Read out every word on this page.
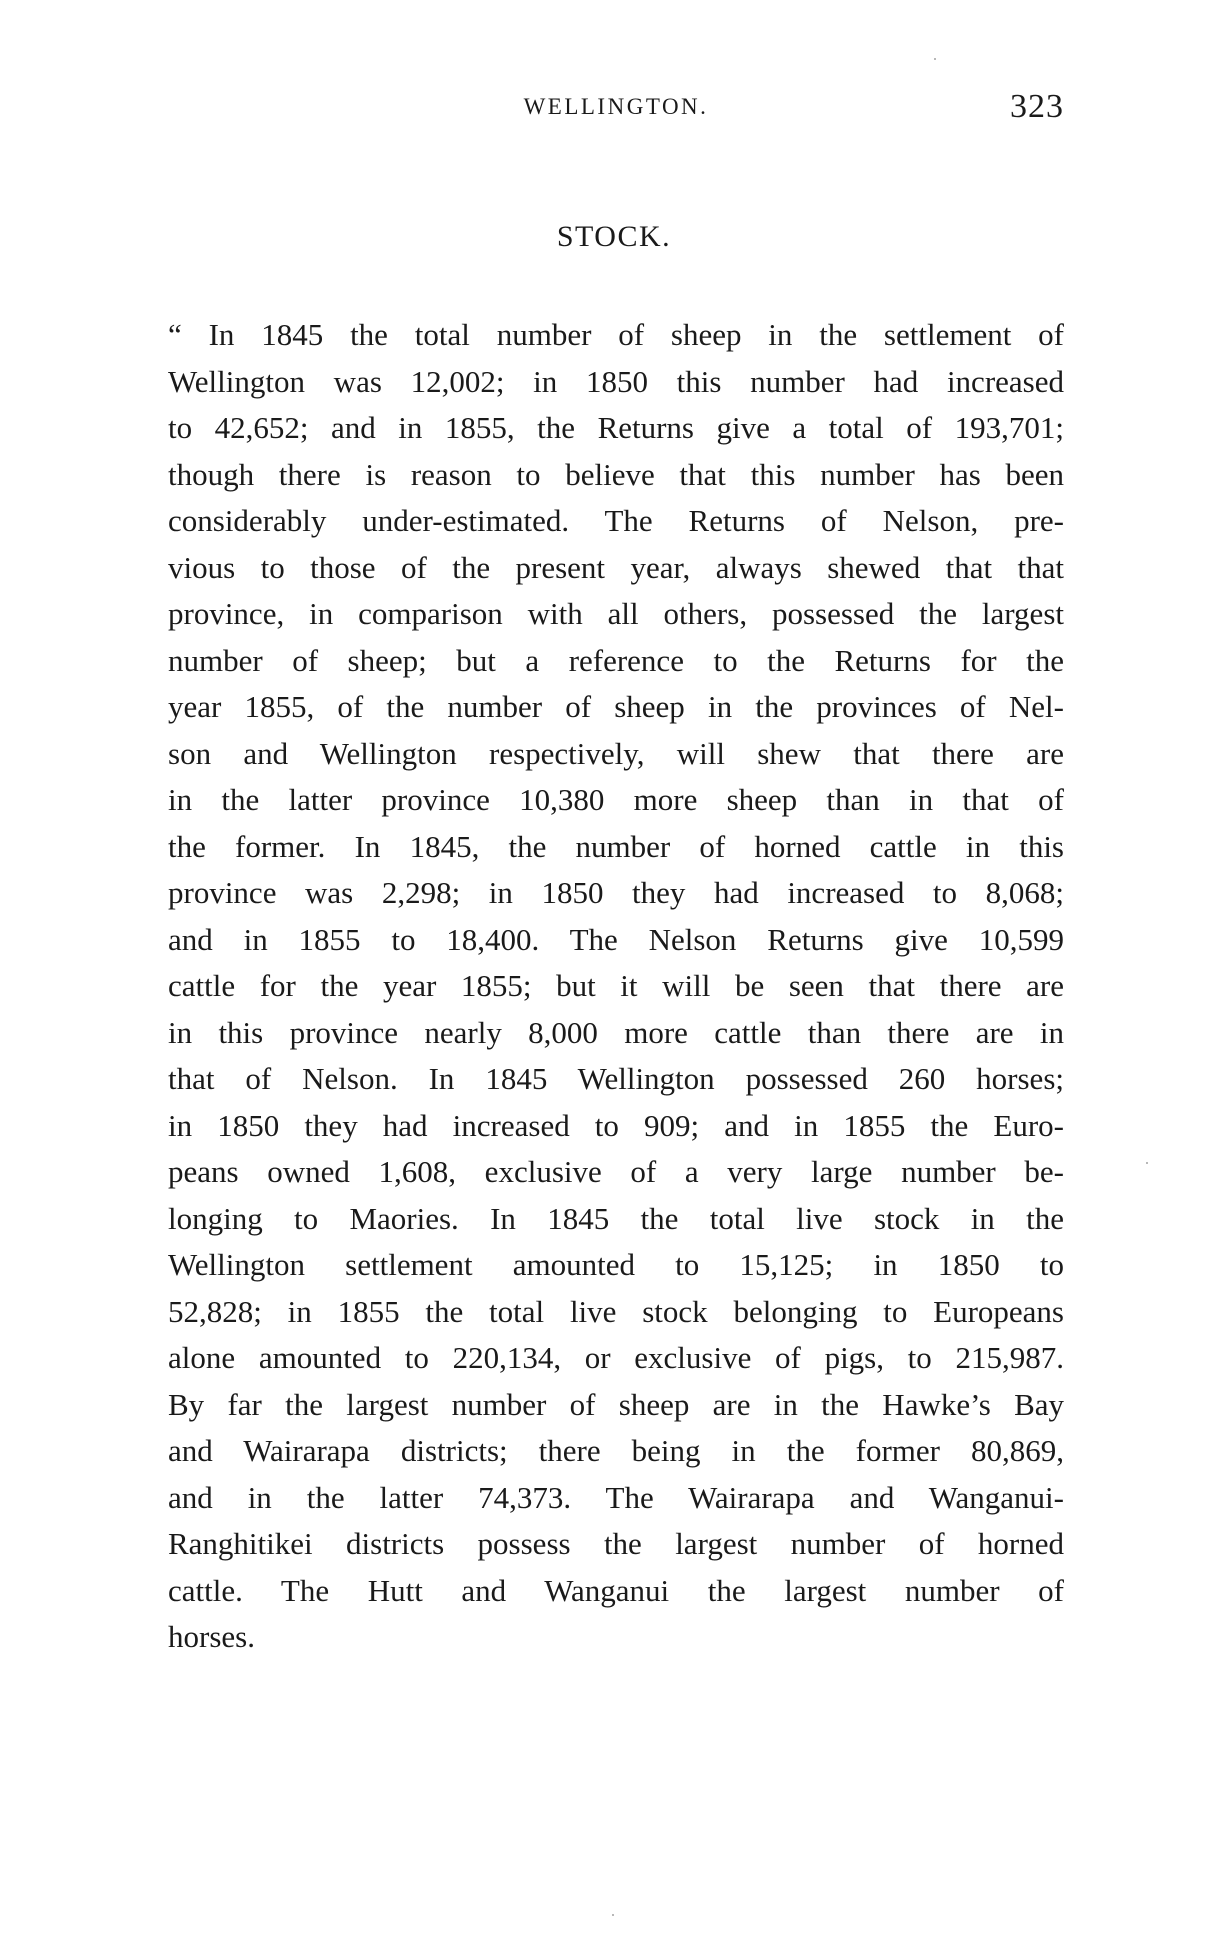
WELLINGTON.	323
STOCK.
“ In 1845 the total number of sheep in the settlement of
Wellington was 12,002; in 1850 this number had increased
to 42,652; and in 1855, the Returns give a total of 193,701;
though there is reason to believe that this number has been
considerably under-estimated. The Returns of Nelson, pre-
vious to those of the present year, always shewed that that
province, in comparison with all others, possessed the largest
number of sheep; but a reference to the Returns for the
year 1855, of the number of sheep in the provinces of Nel-
son and Wellington respectively, will shew that there are
in the latter province 10,380 more sheep than in that of
the former. In 1845, the number of horned cattle in this
province was 2,298; in 1850 they had increased to 8,068;
and in 1855 to 18,400. The Nelson Returns give 10,599
cattle for the year 1855; but it will be seen that there are
in this province nearly 8,000 more cattle than there are in
that of Nelson. In 1845 Wellington possessed 260 horses;
in 1850 they had increased to 909; and in 1855 the Euro-
peans owned 1,608, exclusive of a very large number be-
longing to Maories. In 1845 the total live stock in the
Wellington settlement amounted to 15,125; in 1850 to
52,828; in 1855 the total live stock belonging to Europeans
alone amounted to 220,134, or exclusive of pigs, to 215,987.
By far the largest number of sheep are in the Hawke’s Bay
and Wairarapa districts; there being in the former 80,869,
and in the latter 74,373. The Wairarapa and Wanganui-
Ranghitikei districts possess the largest number of horned
cattle. The Hutt and Wanganui the largest number of
horses.
